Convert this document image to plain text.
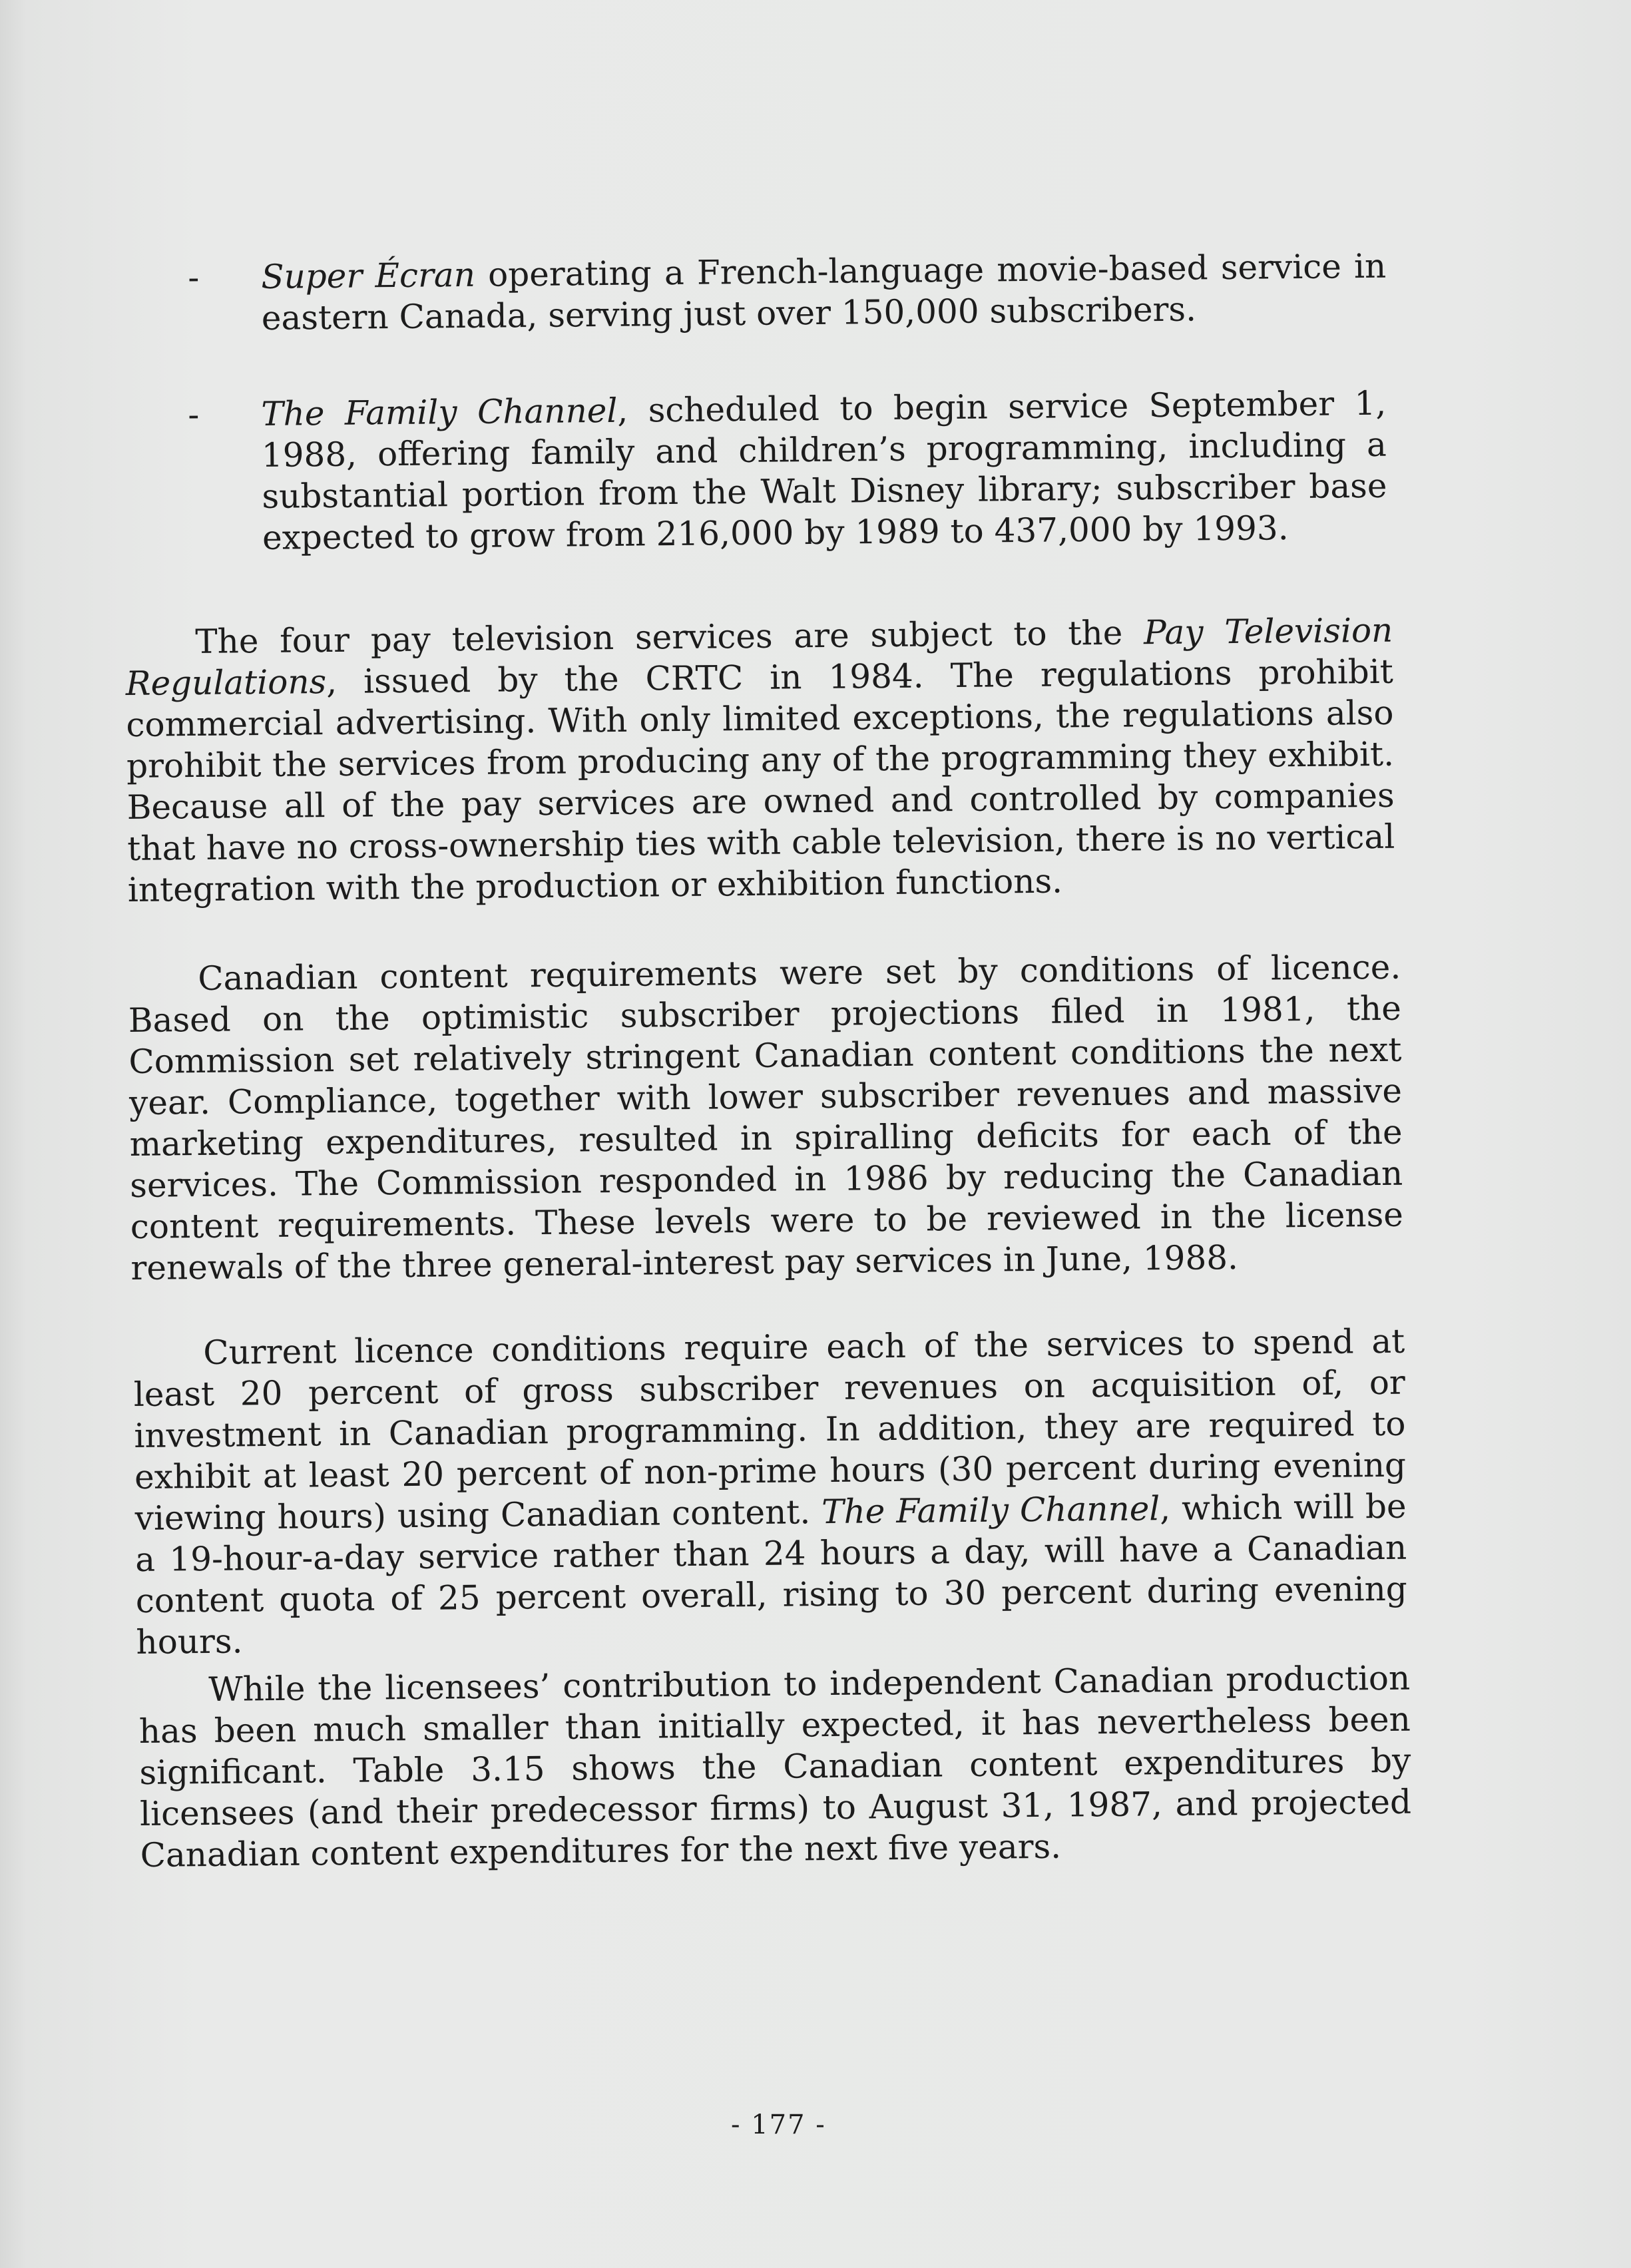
- Super Écran operating a French-language movie-based service in eastern Canada, serving just over 150,000 subscribers.
- The Family Channel, scheduled to begin service September 1, 1988, offering family and children’s programming, including a substantial portion from the Walt Disney library; subscriber base expected to grow from 216,000 by 1989 to 437,000 by 1993.

The four pay television services are subject to the Pay Television Regulations, issued by the CRTC in 1984. The regulations prohibit commercial advertising. With only limited exceptions, the regulations also prohibit the services from producing any of the programming they exhibit. Because all of the pay services are owned and controlled by companies that have no cross-ownership ties with cable television, there is no vertical integration with the production or exhibition functions.

Canadian content requirements were set by conditions of licence. Based on the optimistic subscriber projections filed in 1981, the Commission set relatively stringent Canadian content conditions the next year. Compliance, together with lower subscriber revenues and massive marketing expenditures, resulted in spiralling deficits for each of the services. The Commission responded in 1986 by reducing the Canadian content requirements. These levels were to be reviewed in the license renewals of the three general-interest pay services in June, 1988.

Current licence conditions require each of the services to spend at least 20 percent of gross subscriber revenues on acquisition of, or investment in Canadian programming. In addition, they are required to exhibit at least 20 percent of non-prime hours (30 percent during evening viewing hours) using Canadian content. The Family Channel, which will be a 19-hour-a-day service rather than 24 hours a day, will have a Canadian content quota of 25 percent overall, rising to 30 percent during evening hours.

While the licensees’ contribution to independent Canadian production has been much smaller than initially expected, it has nevertheless been significant. Table 3.15 shows the Canadian content expenditures by licensees (and their predecessor firms) to August 31, 1987, and projected Canadian content expenditures for the next five years.

- 177 -
